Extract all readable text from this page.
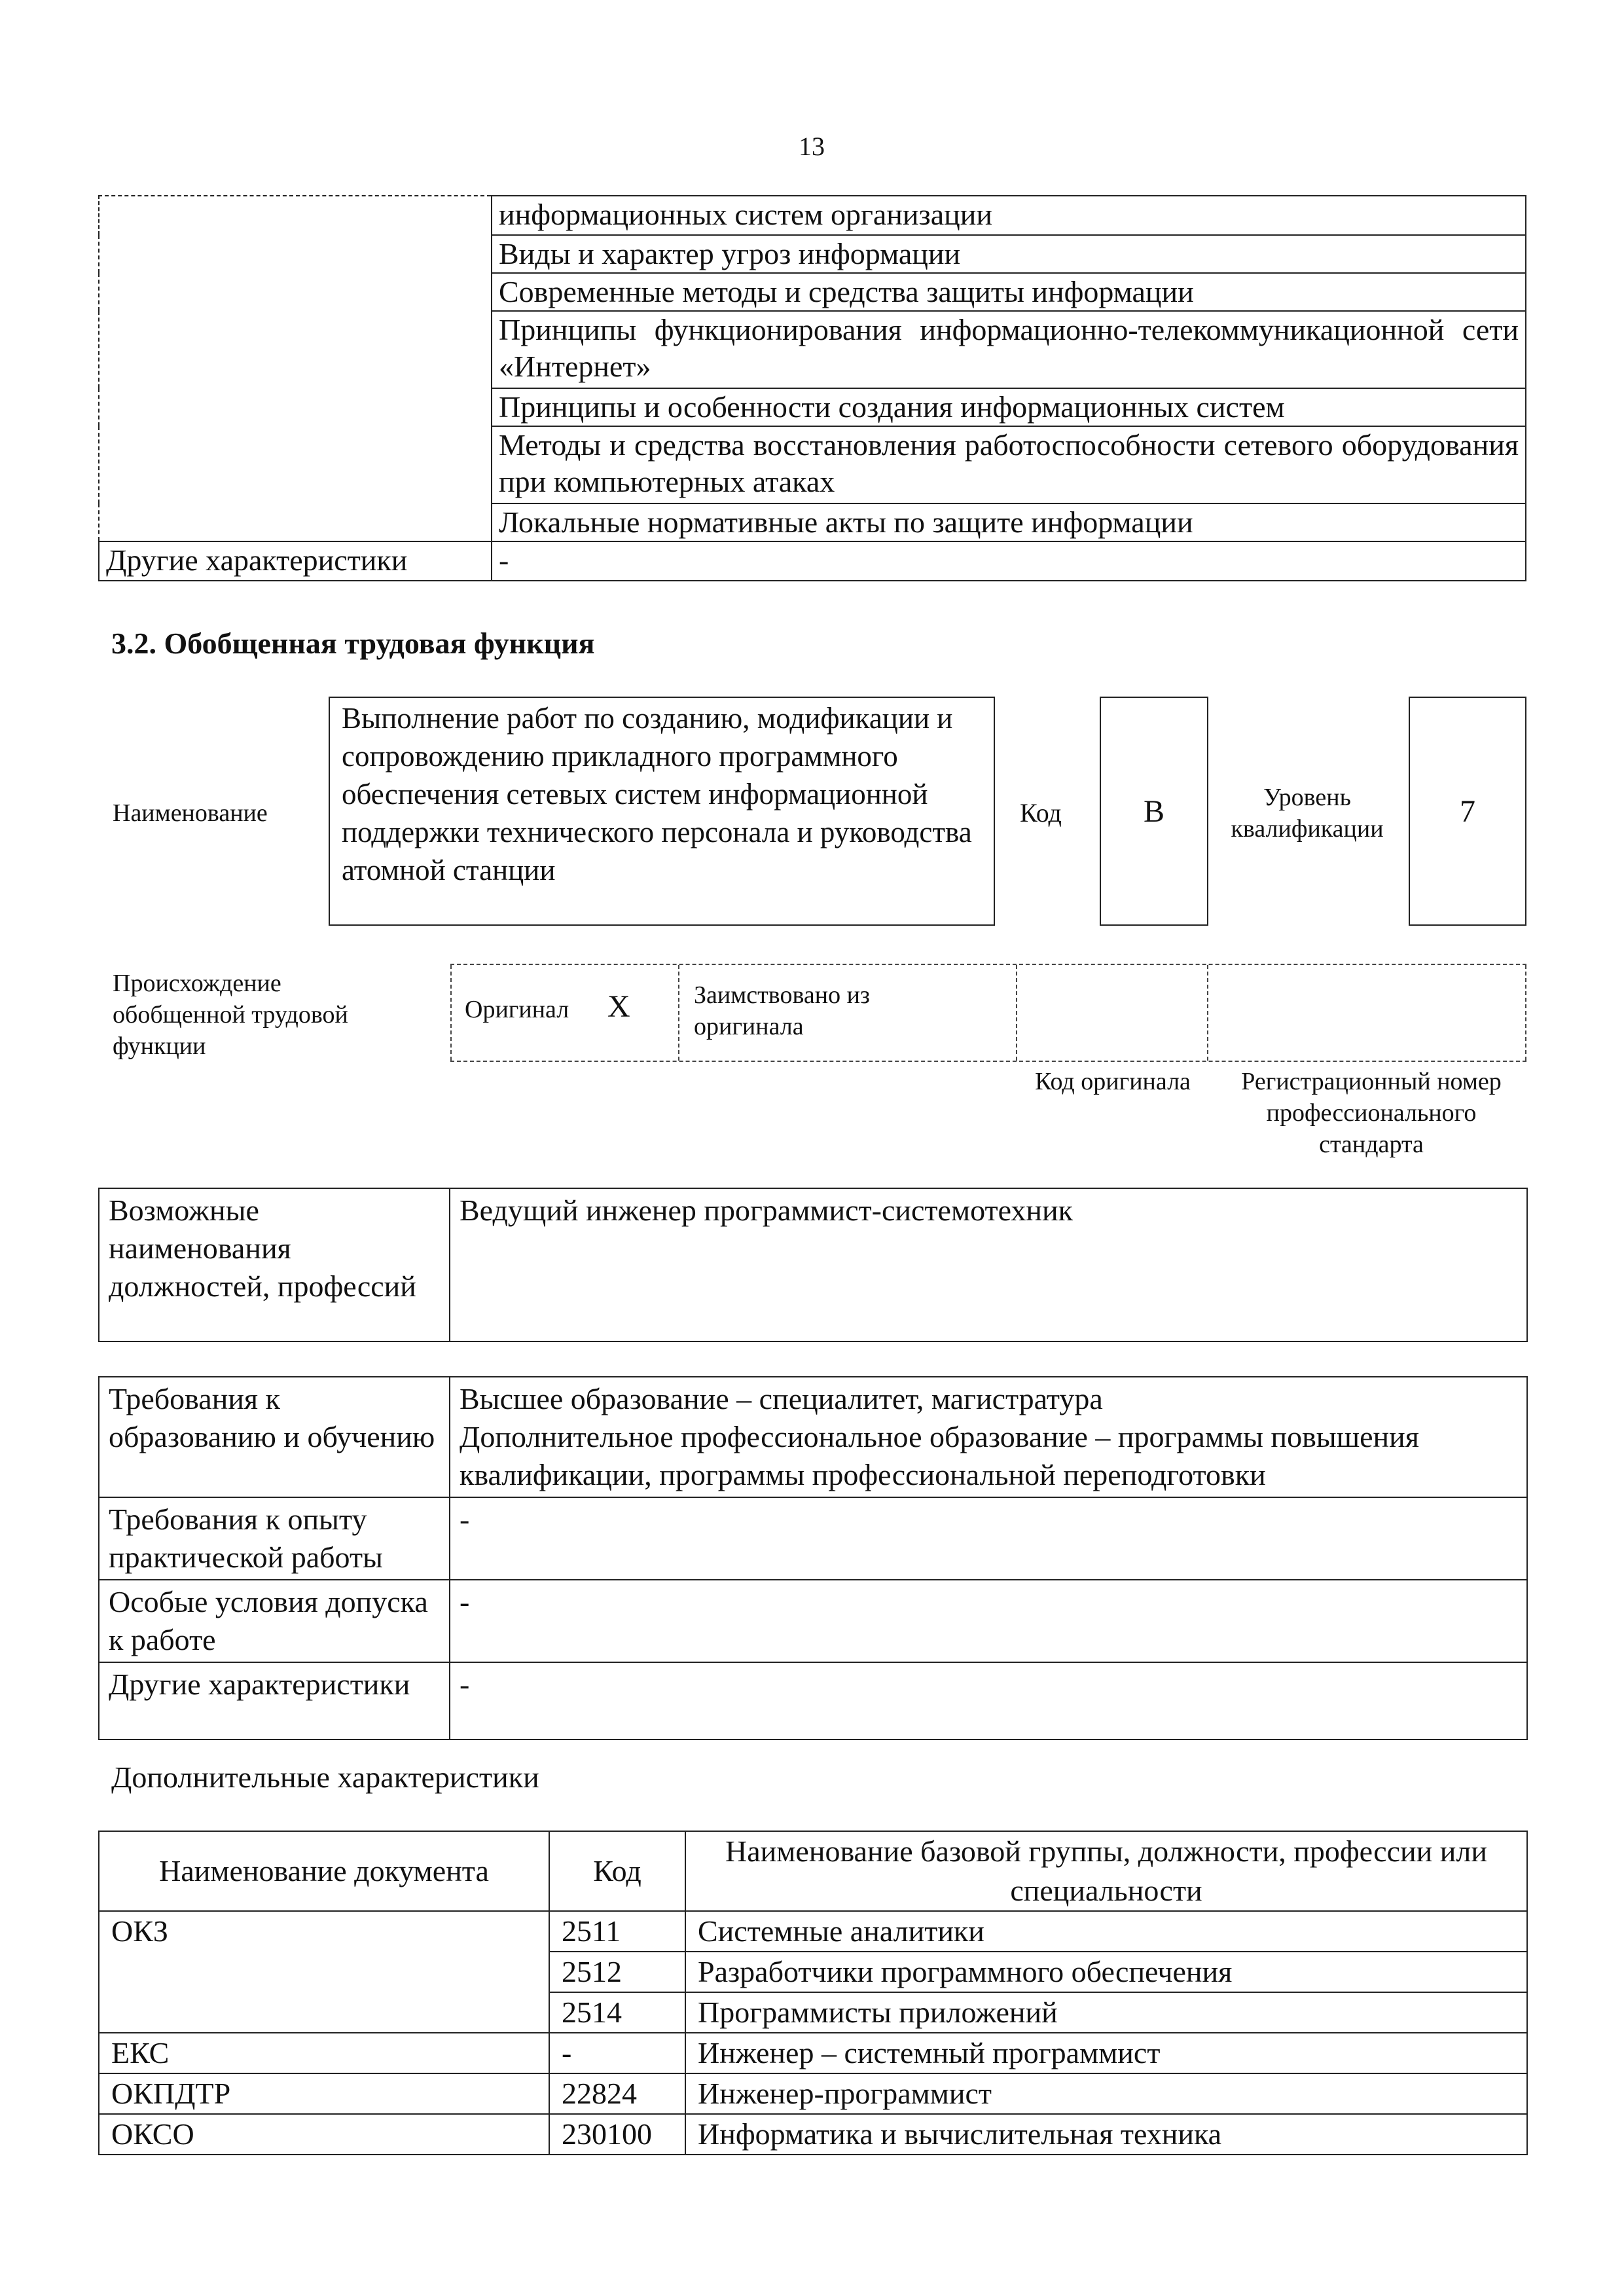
13
	информационных систем организации
	Виды и характер угроз информации
	Современные методы и средства защиты информации
	Принципы функционирования информационно-телекоммуникационной сети «Интернет»
	Принципы и особенности создания информационных систем
	Методы и средства восстановления работоспособности сетевого оборудования при компьютерных атаках
	Локальные нормативные акты по защите информации
Другие характеристики	-
3.2. Обобщенная трудовая функция
Наименование
Выполнение работ по созданию, модификации и сопровождению прикладного программного обеспечения сетевых систем информационной поддержки технического персонала и руководства атомной станции
Код	В	Уровень квалификации
7
Происхождение обобщенной трудовой функции
Оригинал X	Заимствовано из оригинала
Код оригинала	Регистрационный номер профессионального стандарта
Возможные наименования должностей, профессий	Ведущий инженер программист-системотехник
Требования к образованию и обучению	Высшее образование – специалитет, магистратура
Дополнительное профессиональное образование – программы повышения квалификации, программы профессиональной переподготовки
Требования к опыту практической работы	-
Особые условия допуска к работе	-
Другие характеристики	-
Дополнительные характеристики
Наименование документа	Код	Наименование базовой группы, должности, профессии или специальности
ОКЗ	2511	Системные аналитики
	2512	Разработчики программного обеспечения
	2514	Программисты приложений
ЕКС	-	Инженер – системный программист
ОКПДТР	22824	Инженер-программист
ОКСО	230100	Информатика и вычислительная техника
